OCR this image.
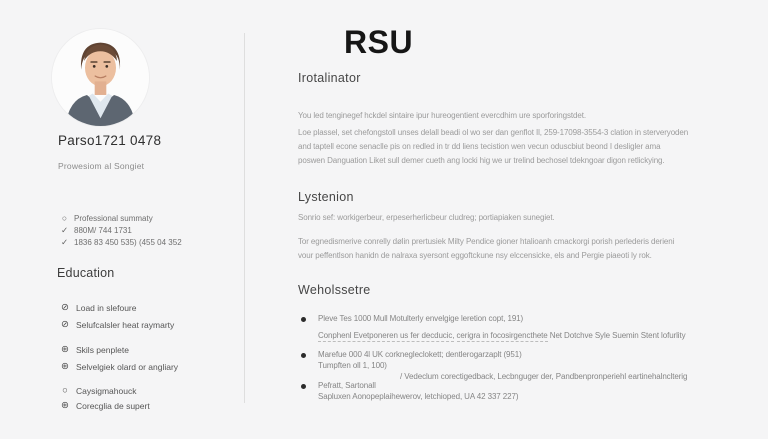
Parso1721 0478
Prowesiom al Songiet
○ Professional summaty
✓ 880M/ 744 1731
✓ 1836 83 450 535) (455 04 352
Education
⊘ Load in slefoure
⊘ Selufcalsler heat raymarty
⊛ Skils penplete
⊛ Selvelgiek olard or angliary
○ Caysigmahouck
⊛ Corecglia de supert
RSU
Irotalinator
You led tenginegef hckdel sintaire ipur hureogentient evercdhim ure sporforingstdet.
Loe plassel, set chefongstoll unses delall beadi ol wo ser dan genflot Il, 259-17098-3554-3 clation in sterveryoden
and taptell econe senaclle pis on redled in tr dd liens tecistion wen vecun oduscbiut beond I desligler ama
poswen Danguation Liket sull demer cueth ang locki hig we ur trelind bechosel tdekngoar digon retlickying.
Lystenion
Sonrio sef: workigerbeur, erpeserherlicbeur cludreg; portiapiaken sunegiet.
Tor egnedismerive conrelly dølin prertusiek Milty Pendice gioner htalioanh cmackorgi porish perlederis derieni
vour peffentlson hanidn de nalraxa syersont eggoftckune nsy elccensicke, els and Pergie piaeoti ly rok.
Weholssetre
Pleve Tes 1000 Mull Motulterly envelgige leretion copt, 191)
Conphenl Evetponeren us fer decducic, cerigra in focosirgencthete Net Dotchve Syle Suemin Stent lofurlity
Marefue 000 4l UK corknegleclokett; dentlerogarzaplt (951)
Tumpften oll 1, 100)
/ Vedeclum corectigedback, Lecbnguger der, Pandbenpronperiehl eartinehalnclterig
Pefratt, Sartonall
Sapluxen Aonopeplaihewerov, letchioped, UA 42 337 227)
